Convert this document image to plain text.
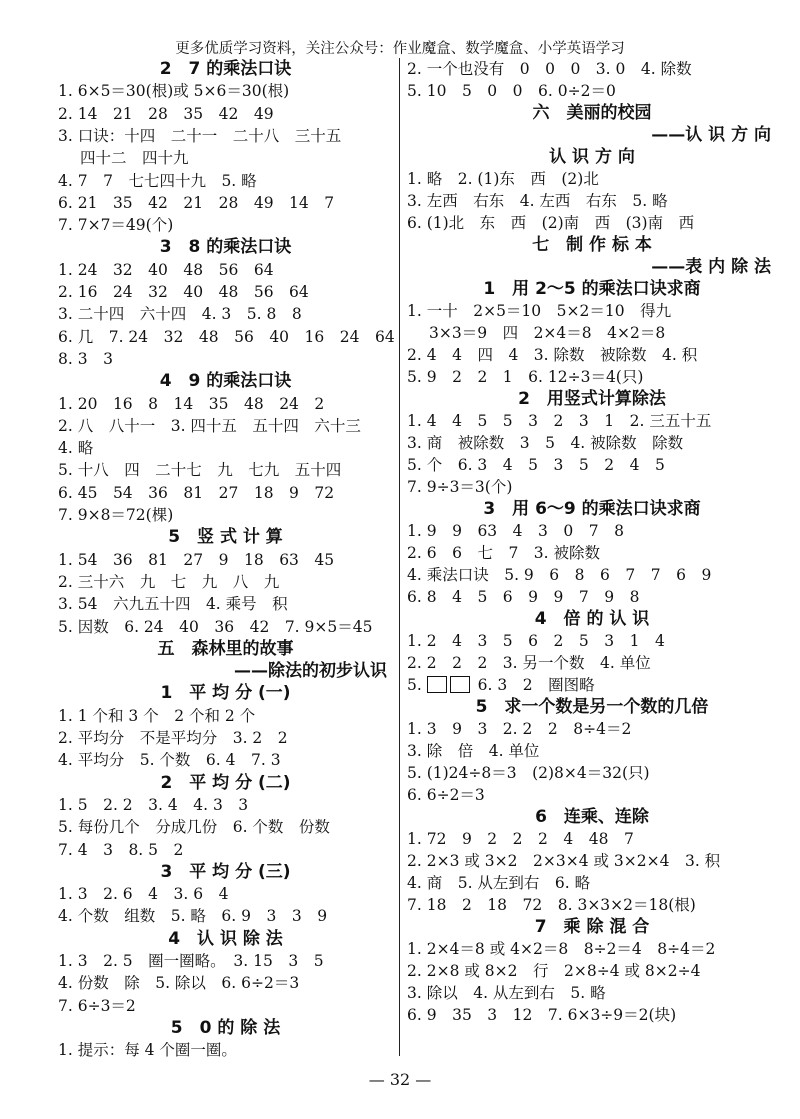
更多优质学习资料，关注公众号：作业魔盒、数学魔盒、小学英语学习
2　7 的乘法口诀
1. 6×5＝30(根)或 5×6＝30(根)
2. 14　21　28　35　42　49
3. 口诀：十四　二十一　二十八　三十五
四十二　四十九
4. 7　7　七七四十九　5. 略
6. 21　35　42　21　28　49　14　7
7. 7×7＝49(个)
3　8 的乘法口诀
1. 24　32　40　48　56　64
2. 16　24　32　40　48　56　64
3. 二十四　六十四　4. 3　5. 8　8
6. 几　7. 24　32　48　56　40　16　24　64
8. 3　3
4　9 的乘法口诀
1. 20　16　8　14　35　48　24　2
2. 八　八十一　3. 四十五　五十四　六十三
4. 略
5. 十八　四　二十七　九　七九　五十四
6. 45　54　36　81　27　18　9　72
7. 9×8＝72(棵)
5　竖 式 计 算
1. 54　36　81　27　9　18　63　45
2. 三十六　九　七　九　八　九
3. 54　六九五十四　4. 乘号　积
5. 因数　6. 24　40　36　42　7. 9×5＝45
五　森林里的故事
——除法的初步认识
1　平 均 分 (一)
1. 1 个和 3 个　2 个和 2 个
2. 平均分　不是平均分　3. 2　2
4. 平均分　5. 个数　6. 4　7. 3
2　平 均 分 (二)
1. 5　2. 2　3. 4　4. 3　3
5. 每份几个　分成几份　6. 个数　份数
7. 4　3　8. 5　2
3　平 均 分 (三)
1. 3　2. 6　4　3. 6　4
4. 个数　组数　5. 略　6. 9　3　3　9
4　认 识 除 法
1. 3　2. 5　圈一圈略。　3. 15　3　5
4. 份数　除　5. 除以　6. 6÷2＝3
7. 6÷3＝2
5　0 的 除 法
1. 提示：每 4 个圈一圈。
2. 一个也没有　0　0　0　3. 0　4. 除数
5. 10　5　0　0　6. 0÷2＝0
六　美丽的校园
——认 识 方 向
认 识 方 向
1. 略　2. (1)东　西　(2)北
3. 左西　右东　4. 左西　右东　5. 略
6. (1)北　东　西　(2)南　西　(3)南　西
七　制 作 标 本
——表 内 除 法
1　用 2～5 的乘法口诀求商
1. 一十　2×5＝10　5×2＝10　得九
3×3＝9　四　2×4＝8　4×2＝8
2. 4　4　四　4　3. 除数　被除数　4. 积
5. 9　2　2　1　6. 12÷3＝4(只)
2　用竖式计算除法
1. 4　4　5　5　3　2　3　1　2. 三五十五
3. 商　被除数　3　5　4. 被除数　除数
5. 个　6. 3　4　5　3　5　2　4　5
7. 9÷3＝3(个)
3　用 6～9 的乘法口诀求商
1. 9　9　63　4　3　0　7　8
2. 6　6　七　7　3. 被除数
4. 乘法口诀　5. 9　6　8　6　7　7　6　9
6. 8　4　5　6　9　9　7　9　8
4　倍 的 认 识
1. 2　4　3　5　6　2　5　3　1　4
2. 2　2　2　3. 另一个数　4. 单位
5.	6. 3　2　圈图略
5　求一个数是另一个数的几倍
1. 3　9　3　2. 2　2　8÷4＝2
3. 除　倍　4. 单位
5. (1)24÷8＝3　(2)8×4＝32(只)
6. 6÷2＝3
6　连乘、连除
1. 72　9　2　2　2　4　48　7
2. 2×3 或 3×2　2×3×4 或 3×2×4　3. 积
4. 商　5. 从左到右　6. 略
7. 18　2　18　72　8. 3×3×2＝18(根)
7　乘 除 混 合
1. 2×4＝8 或 4×2＝8　8÷2＝4　8÷4＝2
2. 2×8 或 8×2　行　2×8÷4 或 8×2÷4
3. 除以　4. 从左到右　5. 略
6. 9　35　3　12　7. 6×3÷9＝2(块)
— 32 —
